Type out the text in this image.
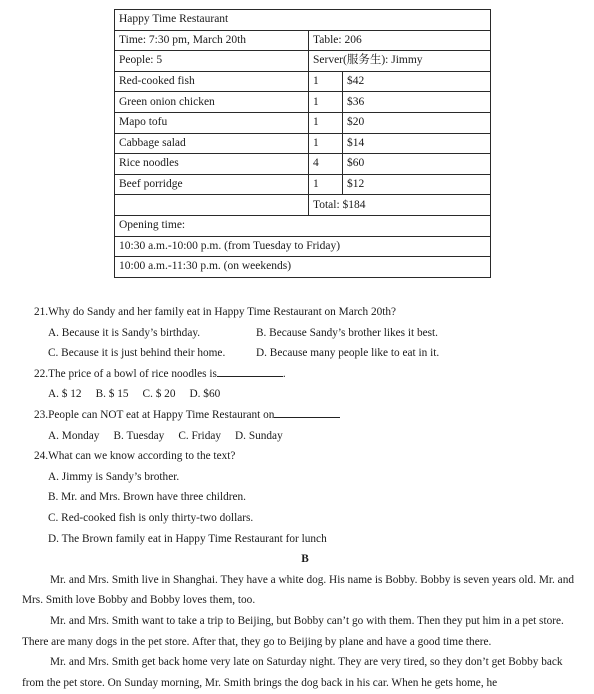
Happy Time Restaurant		
Time: 7:30 pm, March 20th	Table: 206	
People: 5	Server(服务生): Jimmy	
Red-cooked fish	1	$42
Green onion chicken	1	$36
Mapo tofu	1	$20
Cabbage salad	1	$14
Rice noodles	4	$60
Beef porridge	1	$12
	Total: $184	
Opening time:		
10:30 a.m.-10:00 p.m. (from Tuesday to Friday)		
10:00 a.m.-11:30 p.m. (on weekends)		

21.Why do Sandy and her family eat in Happy Time Restaurant on March 20th?

A. Because it is Sandy’s birthday.	B. Because Sandy’s brother likes it best.
C. Because it is just behind their home.	D. Because many people like to eat in it.

22.The price of a bowl of rice noodles is	.

A. $ 12 B. $ 15 C. $ 20 D. $60

23.People can NOT eat at Happy Time Restaurant on

A. Monday B. Tuesday C. Friday D. Sunday

24.What can we know according to the text?

A. Jimmy is Sandy’s brother.

B. Mr. and Mrs. Brown have three children.

C. Red-cooked fish is only thirty-two dollars.

D. The Brown family eat in Happy Time Restaurant for lunch

B

Mr. and Mrs. Smith live in Shanghai. They have a white dog. His name is Bobby. Bobby is seven years old. Mr. and Mrs. Smith love Bobby and Bobby loves them, too.

Mr. and Mrs. Smith want to take a trip to Beijing, but Bobby can’t go with them. Then they put him in a pet store. There are many dogs in the pet store. After that, they go to Beijing by plane and have a good time there.

Mr. and Mrs. Smith get back home very late on Saturday night. They are very tired, so they don’t get Bobby back from the pet store. On Sunday morning, Mr. Smith brings the dog back in his car. When he gets home, he
